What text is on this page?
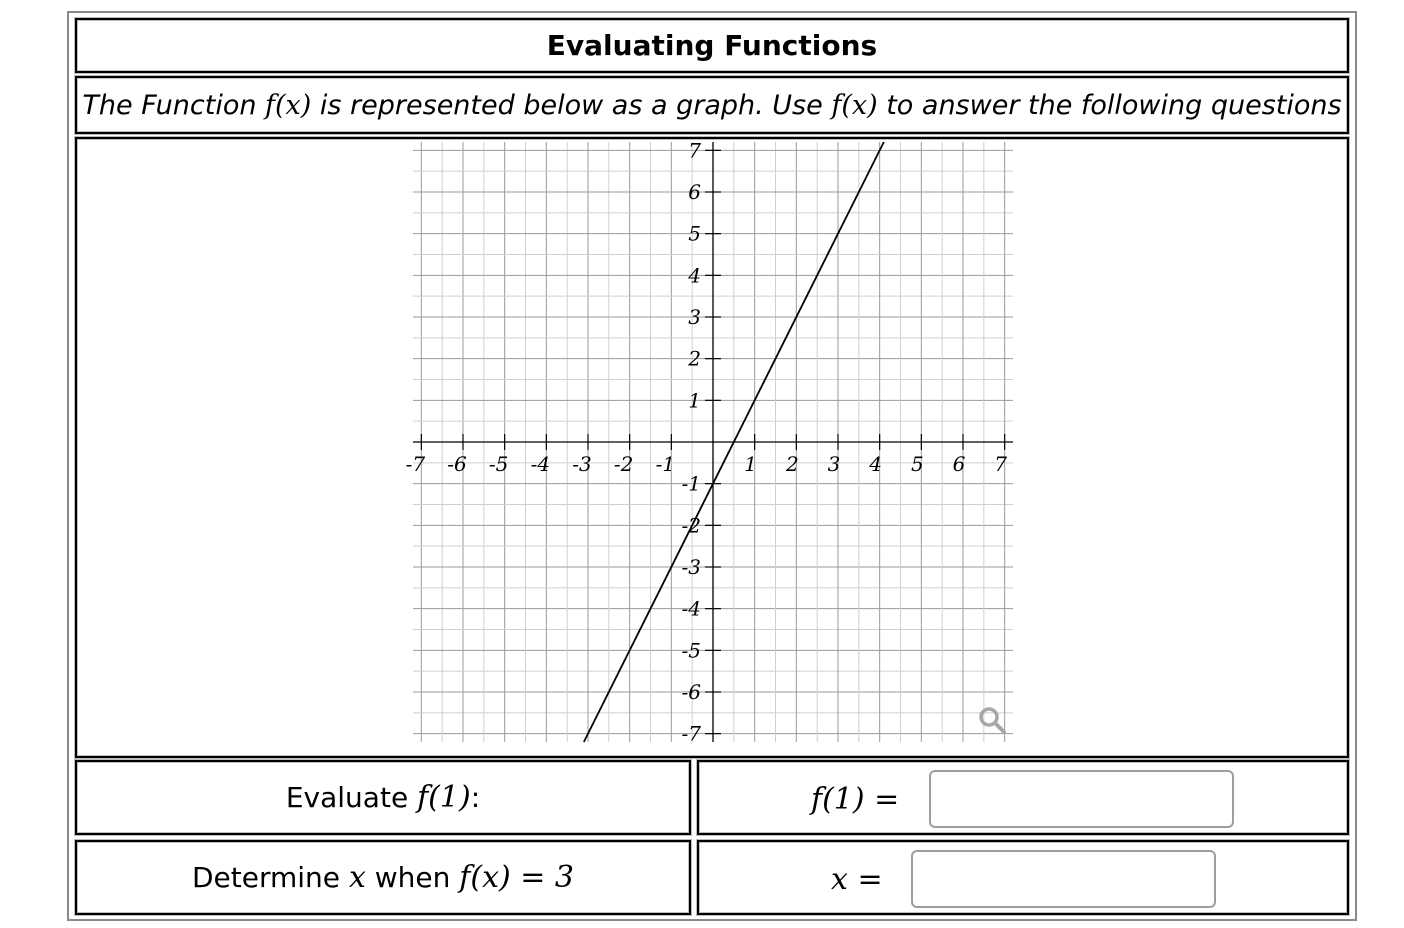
Evaluating Functions
The Function f(x) is represented below as a graph. Use f(x) to answer the following questions
-7 -6 -5 -4 -3 -2 -1	1 2 3 4 5 6 7
7
6
5
4
3
2
1
-1
-2
-3
-4
-5
-6
-7
Evaluate f(1):	f(1) =
Determine x when f(x) = 3	x =
